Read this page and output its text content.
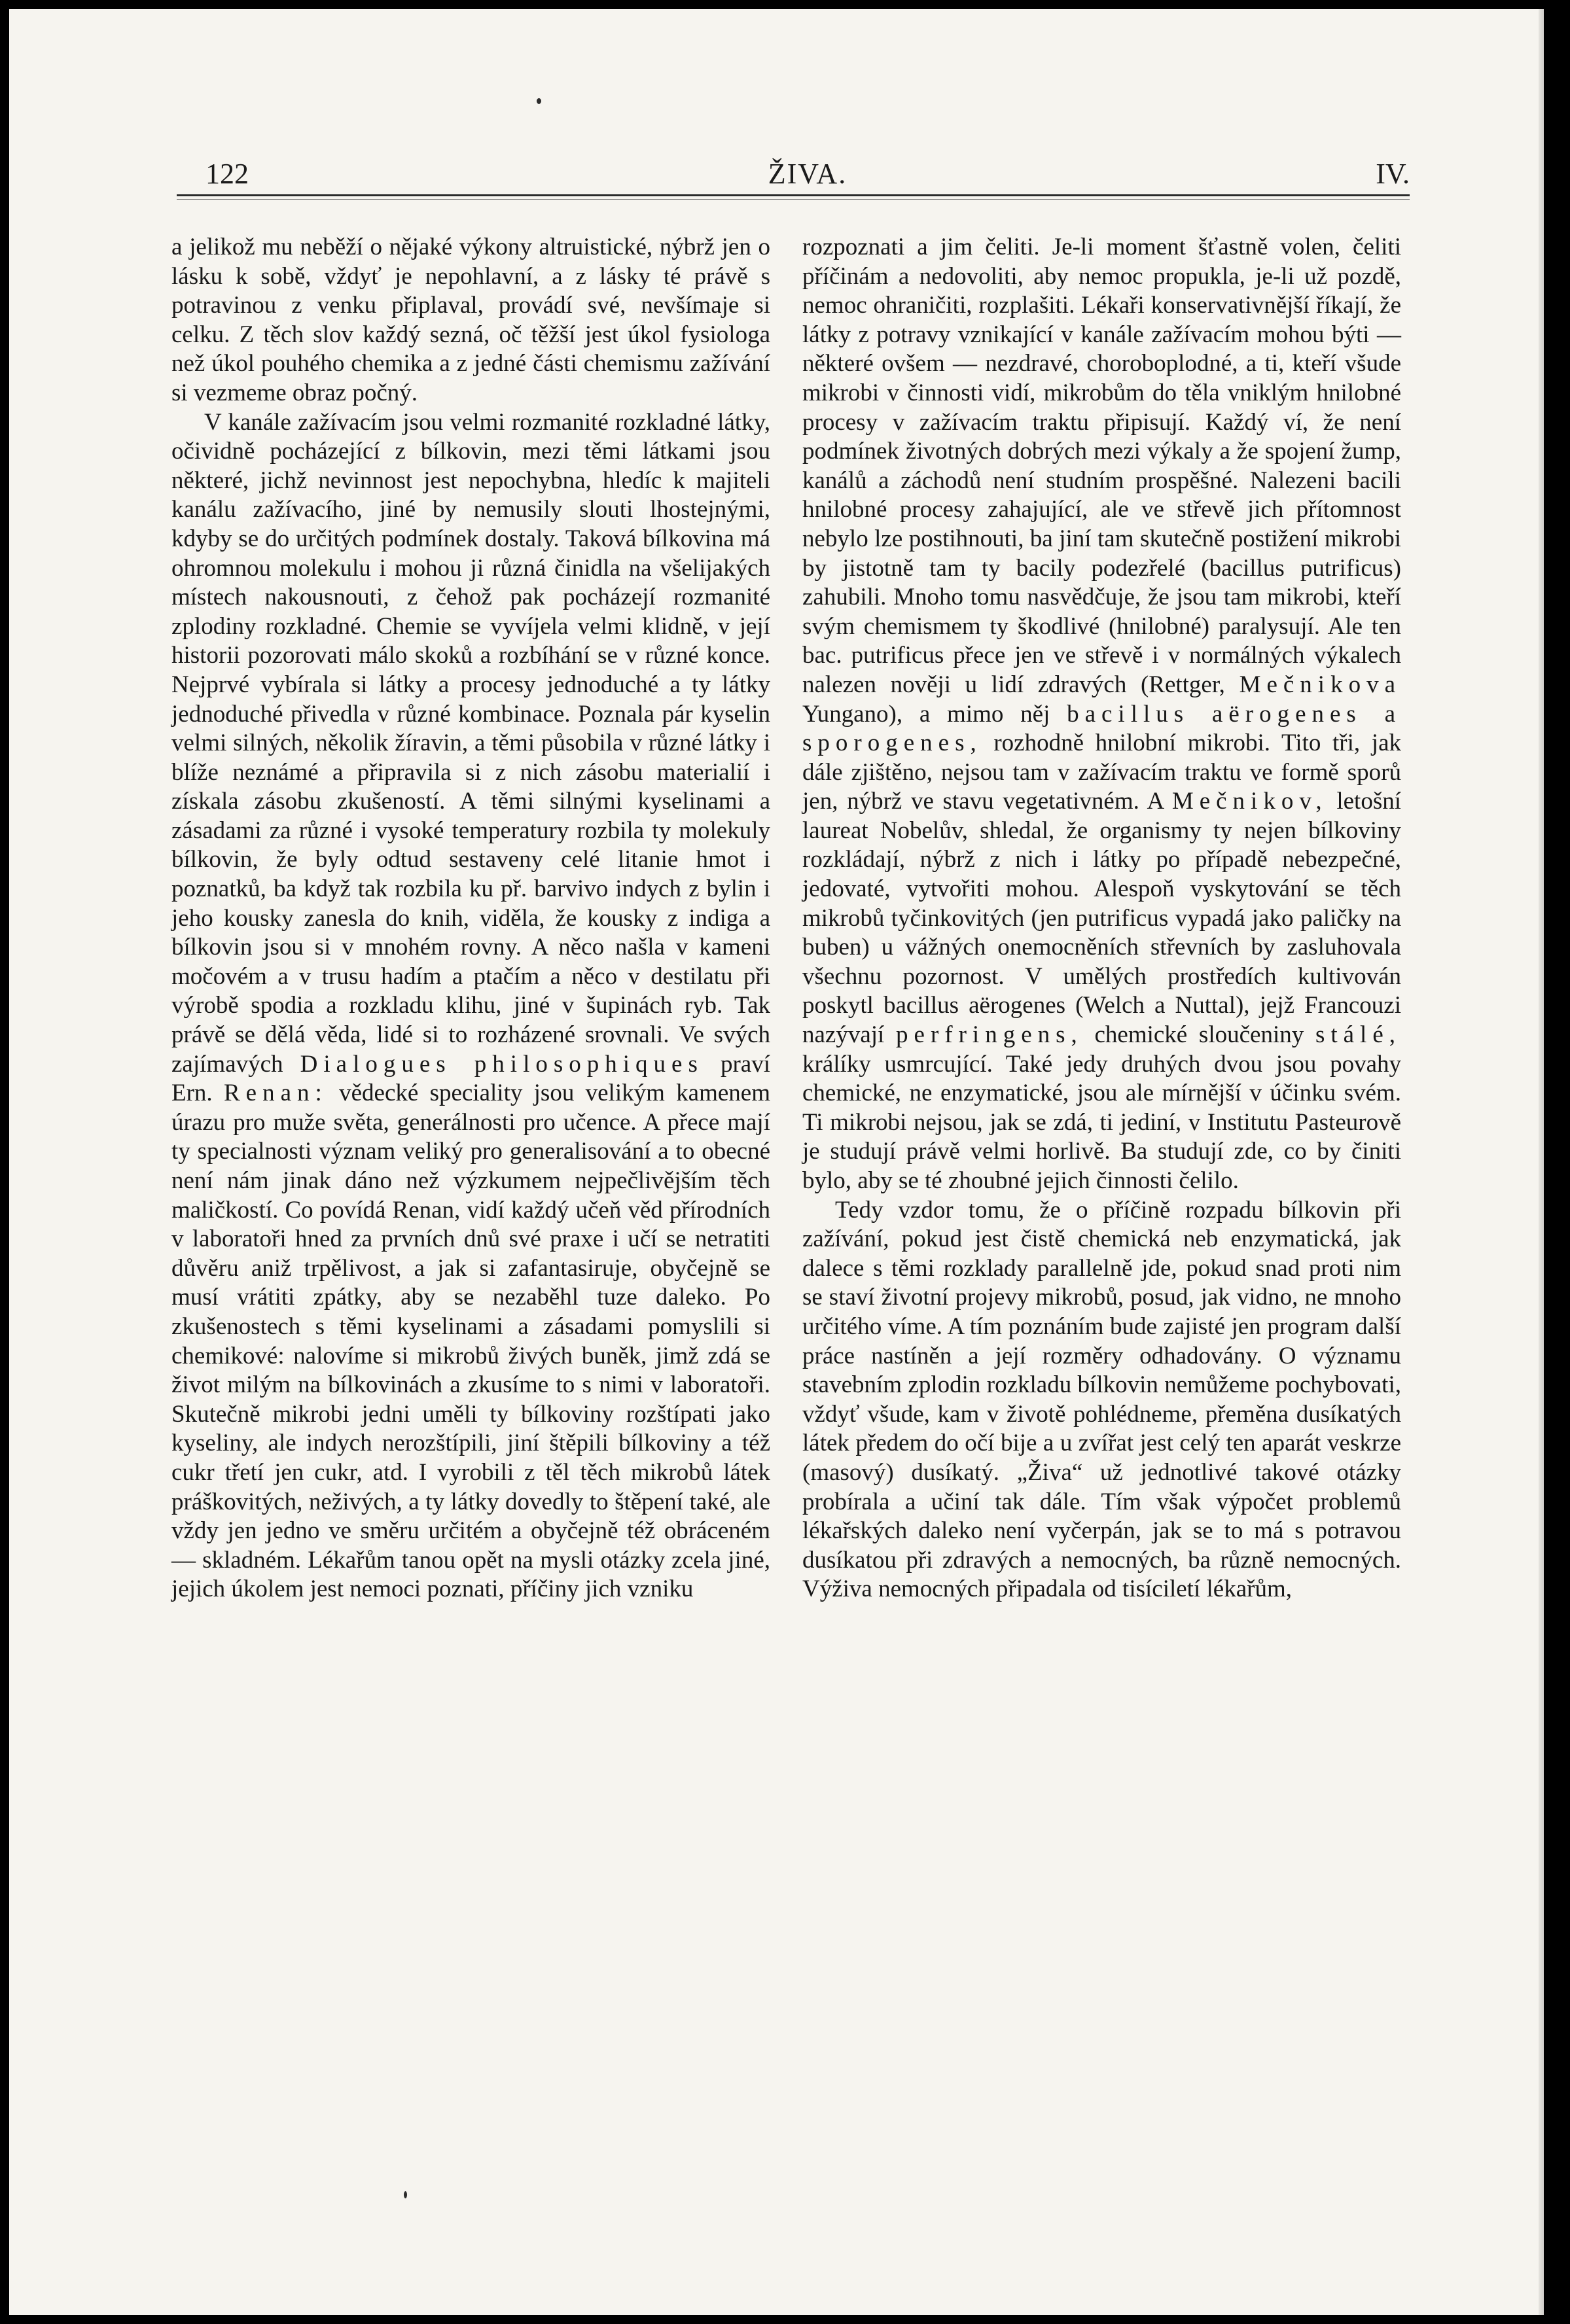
122	ŽIVA.	IV.

a jelikož mu neběží o nějaké výkony altruistické, nýbrž jen o lásku k sobě, vždyť je nepohlavní, a z lásky té právě s potravinou z venku připlaval, provádí své, nevšímaje si celku. Z těch slov každý sezná, oč těžší jest úkol fysiologa než úkol pouhého chemika a z jedné části chemismu zažívání si vezmeme obraz počný.

V kanále zažívacím jsou velmi rozmanité rozkladné látky, očividně pocházející z bílkovin, mezi těmi látkami jsou některé, jichž nevinnost jest nepochybna, hledíc k majiteli kanálu zažívacího, jiné by nemusily slouti lhostejnými, kdyby se do určitých podmínek dostaly. Taková bílkovina má ohromnou molekulu i mohou ji různá činidla na všelijakých místech nakousnouti, z čehož pak pocházejí rozmanité zplodiny rozkladné. Chemie se vyvíjela velmi klidně, v její historii pozorovati málo skoků a rozbíhání se v různé konce. Nejprvé vybírala si látky a procesy jednoduché a ty látky jednoduché přivedla v různé kombinace. Poznala pár kyselin velmi silných, několik žíravin, a těmi působila v různé látky i blíže neznámé a připravila si z nich zásobu materialií i získala zásobu zkušeností. A těmi silnými kyselinami a zásadami za různé i vysoké temperatury rozbila ty molekuly bílkovin, že byly odtud sestaveny celé litanie hmot i poznatků, ba když tak rozbila ku př. barvivo indych z bylin i jeho kousky zanesla do knih, viděla, že kousky z indiga a bílkovin jsou si v mnohém rovny. A něco našla v kameni močovém a v trusu hadím a ptačím a něco v destilatu při výrobě spodia a rozkladu klihu, jiné v šupinách ryb. Tak právě se dělá věda, lidé si to rozházené srovnali. Ve svých zajímavých Dialogues philosophiques praví Ern. Renan: vědecké speciality jsou velikým kamenem úrazu pro muže světa, generálnosti pro učence. A přece mají ty specialnosti význam veliký pro generalisování a to obecné není nám jinak dáno než výzkumem nejpečlivějším těch maličkostí. Co povídá Renan, vidí každý učeň věd přírodních v laboratoři hned za prvních dnů své praxe i učí se netratiti důvěru aniž trpělivost, a jak si zafantasiruje, obyčejně se musí vrátiti zpátky, aby se nezaběhl tuze daleko. Po zkušenostech s těmi kyselinami a zásadami pomyslili si chemikové: nalovíme si mikrobů živých buněk, jimž zdá se život milým na bílkovinách a zkusíme to s nimi v laboratoři. Skutečně mikrobi jedni uměli ty bílkoviny rozštípati jako kyseliny, ale indych nerozštípili, jiní štěpili bílkoviny a též cukr třetí jen cukr, atd. I vyrobili z těl těch mikrobů látek práškovitých, neživých, a ty látky dovedly to štěpení také, ale vždy jen jedno ve směru určitém a obyčejně též obráceném — skladném. Lékařům tanou opět na mysli otázky zcela jiné, jejich úkolem jest nemoci poznati, příčiny jich vzniku

rozpoznati a jim čeliti. Je-li moment šťastně volen, čeliti příčinám a nedovoliti, aby nemoc propukla, je-li už pozdě, nemoc ohraničiti, rozplašiti. Lékaři konservativnější říkají, že látky z potravy vznikající v kanále zažívacím mohou býti — některé ovšem — nezdravé, choroboplodné, a ti, kteří všude mikrobi v činnosti vidí, mikrobům do těla vniklým hnilobné procesy v zažívacím traktu připisují. Každý ví, že není podmínek životných dobrých mezi výkaly a že spojení žump, kanálů a záchodů není studním prospěšné. Nalezeni bacili hnilobné procesy zahajující, ale ve střevě jich přítomnost nebylo lze postihnouti, ba jiní tam skutečně postižení mikrobi by jistotně tam ty bacily podezřelé (bacillus putrificus) zahubili. Mnoho tomu nasvědčuje, že jsou tam mikrobi, kteří svým chemismem ty škodlivé (hnilobné) paralysují. Ale ten bac. putrificus přece jen ve střevě i v normálných výkalech nalezen nověji u lidí zdravých (Rettger, Mečnikova Yungano), a mimo něj bacillus aërogenes a sporogenes, rozhodně hnilobní mikrobi. Tito tři, jak dále zjištěno, nejsou tam v zažívacím traktu ve formě sporů jen, nýbrž ve stavu vegetativném. A Mečnikov, letošní laureat Nobelův, shledal, že organismy ty nejen bílkoviny rozkládají, nýbrž z nich i látky po případě nebezpečné, jedovaté, vytvořiti mohou. Alespoň vyskytování se těch mikrobů tyčinkovitých (jen putrificus vypadá jako paličky na buben) u vážných onemocněních střevních by zasluhovala všechnu pozornost. V umělých prostředích kultivován poskytl bacillus aërogenes (Welch a Nuttal), jejž Francouzi nazývají perfringens, chemické sloučeniny stálé, králíky usmrcující. Také jedy druhých dvou jsou povahy chemické, ne enzymatické, jsou ale mírnější v účinku svém. Ti mikrobi nejsou, jak se zdá, ti jediní, v Institutu Pasteurově je studují právě velmi horlivě. Ba studují zde, co by činiti bylo, aby se té zhoubné jejich činnosti čelilo.

Tedy vzdor tomu, že o příčině rozpadu bílkovin při zažívání, pokud jest čistě chemická neb enzymatická, jak dalece s těmi rozklady parallelně jde, pokud snad proti nim se staví životní projevy mikrobů, posud, jak vidno, ne mnoho určitého víme. A tím poznáním bude zajisté jen program další práce nastíněn a její rozměry odhadovány. O významu stavebním zplodin rozkladu bílkovin nemůžeme pochybovati, vždyť všude, kam v životě pohlédneme, přeměna dusíkatých látek předem do očí bije a u zvířat jest celý ten aparát veskrze (masový) dusíkatý. „Živa“ už jednotlivé takové otázky probírala a učiní tak dále. Tím však výpočet problemů lékařských daleko není vyčerpán, jak se to má s potravou dusíkatou při zdravých a nemocných, ba různě nemocných. Výživa nemocných připadala od tisíciletí lékařům,
